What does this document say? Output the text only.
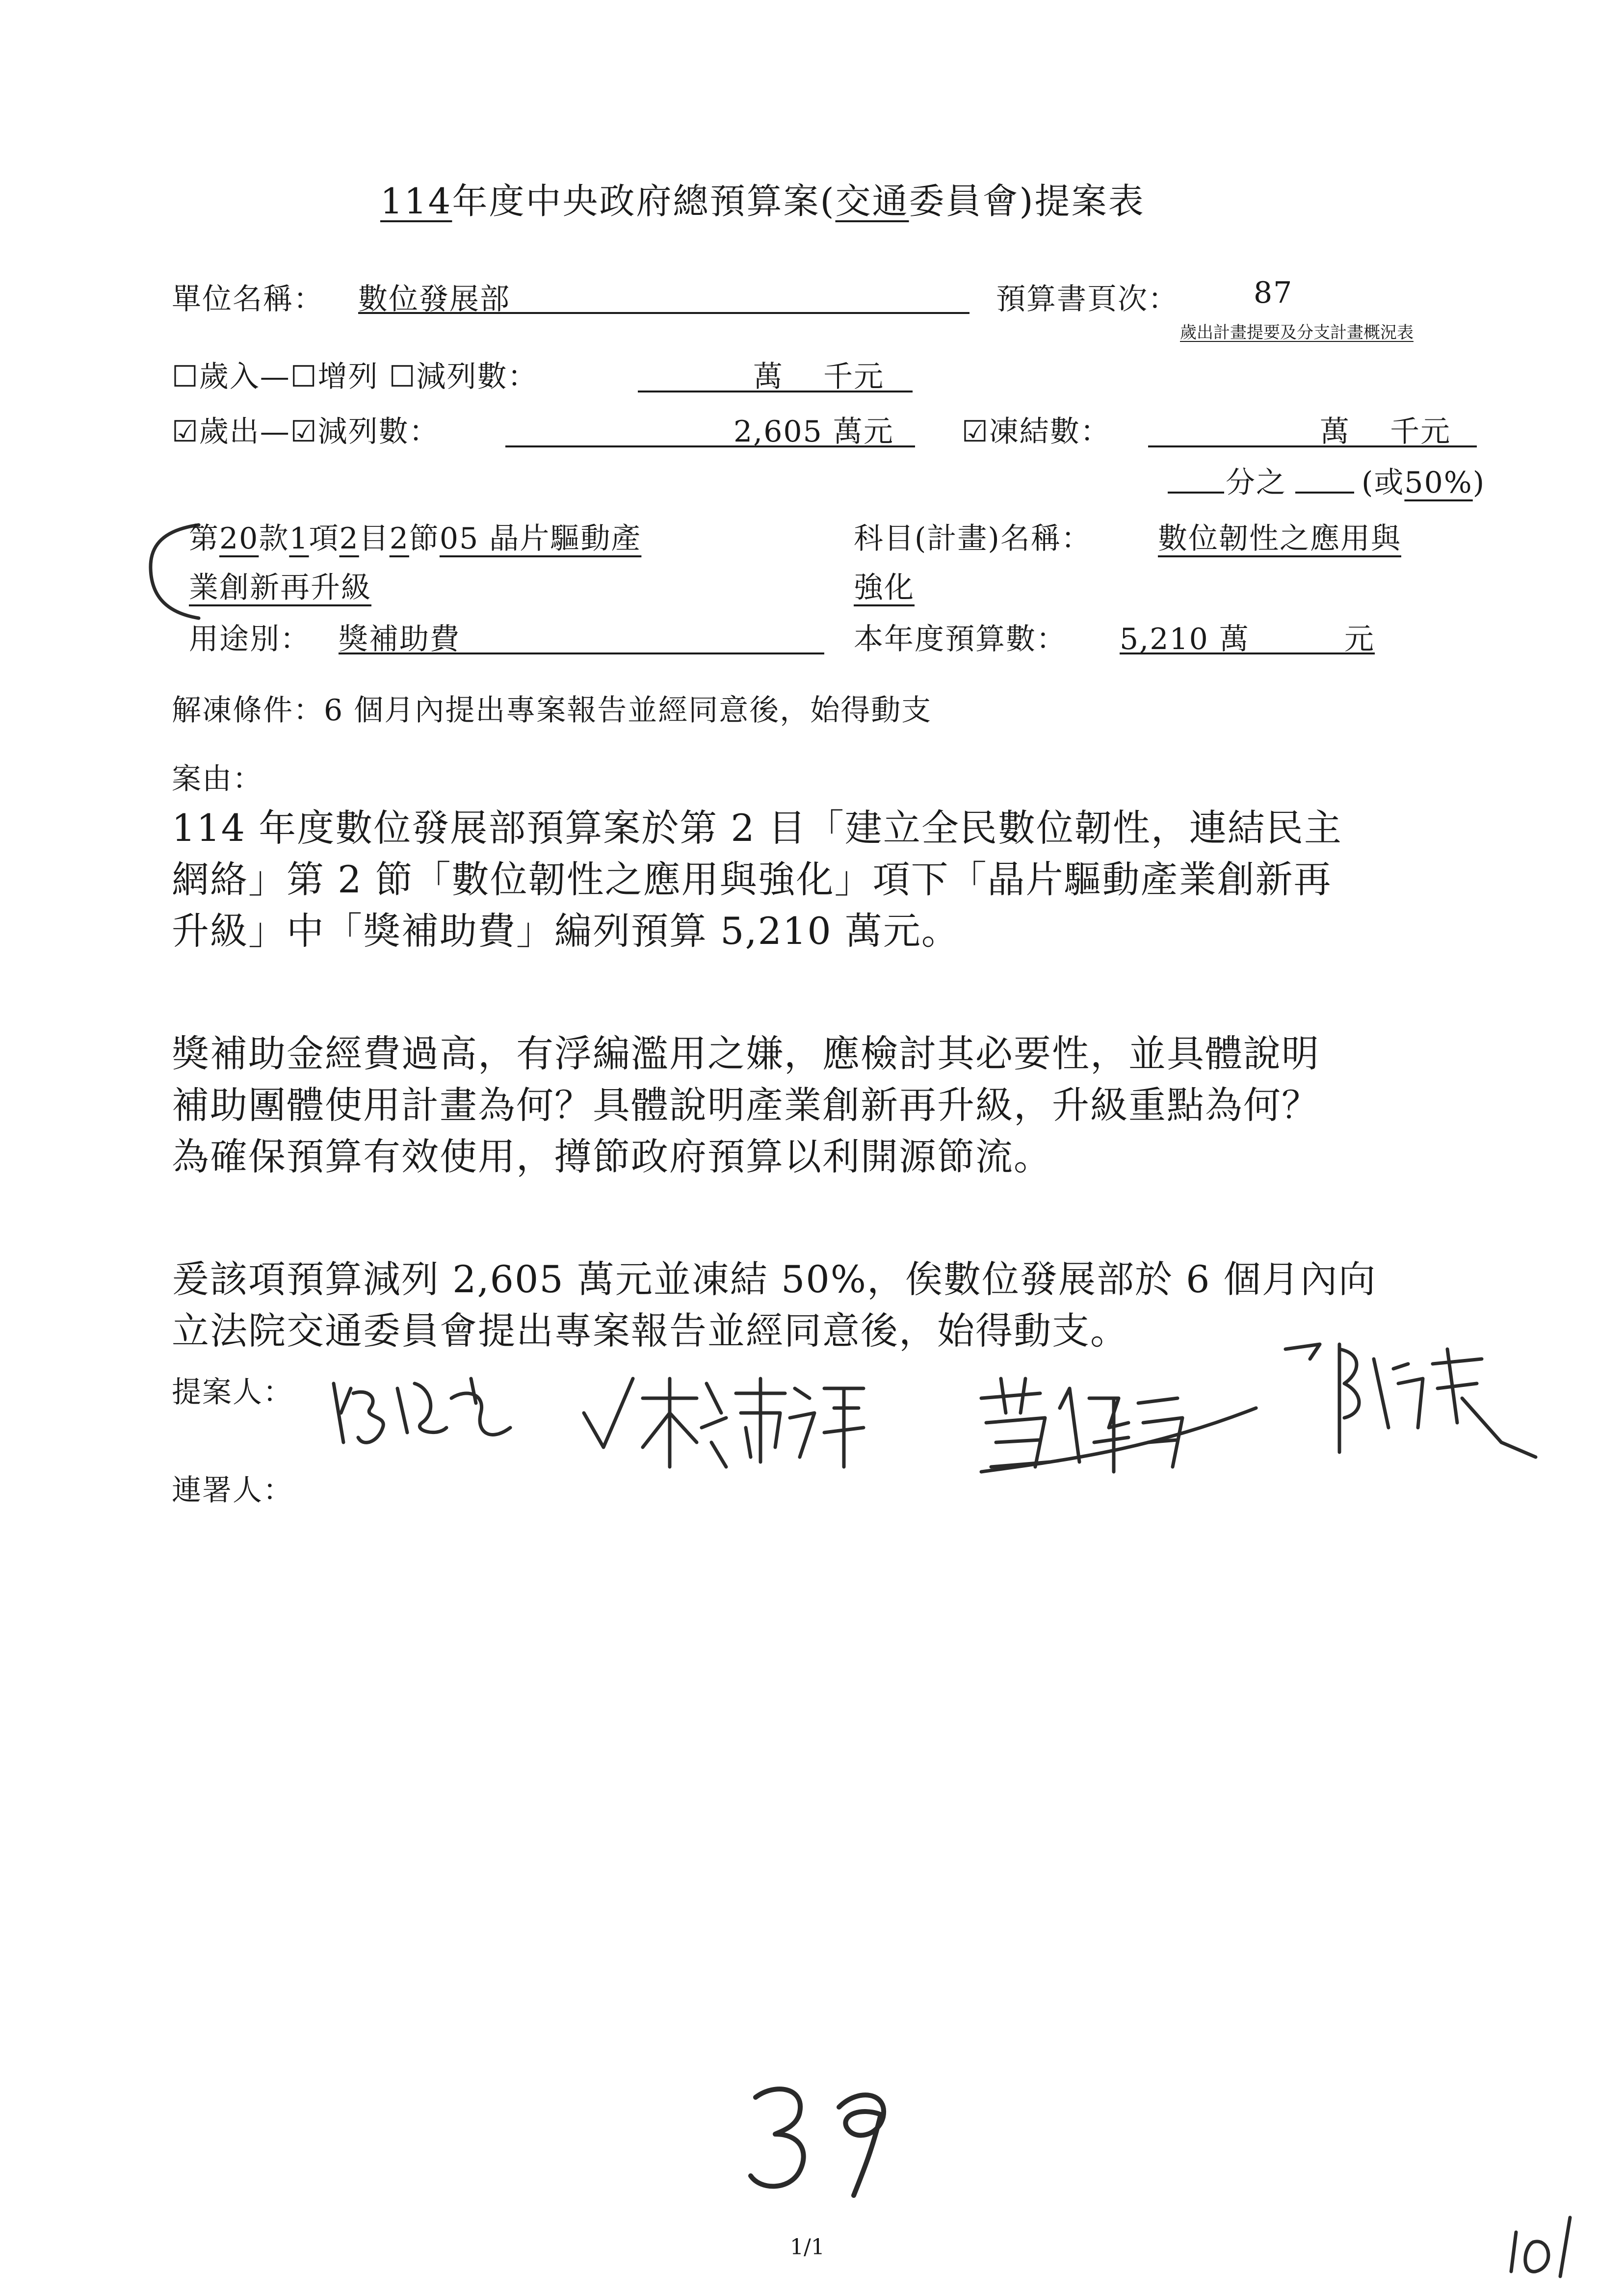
114年度中央政府總預算案(交通委員會)提案表
單位名稱： 數位發展部	預算書頁次：	87
歲出計畫提要及分支計畫概況表
☐歲入—☐增列 ☐減列數：	萬 千元
☑歲出—☑減列數：	2,605 萬元 ☑凍結數：	萬 千元
分之	(或50%)
第20款1項2目2節05 晶片驅動產
業創新再升級
科目(計畫)名稱： 數位韌性之應用與
強化
用途別： 獎補助費	本年度預算數： 5,210 萬	元
解凍條件：6 個月內提出專案報告並經同意後，始得動支
案由：
114 年度數位發展部預算案於第 2 目「建立全民數位韌性，連結民主
網絡」第 2 節「數位韌性之應用與強化」項下「晶片驅動產業創新再
升級」中「獎補助費」編列預算 5,210 萬元。
獎補助金經費過高，有浮編濫用之嫌，應檢討其必要性，並具體說明
補助團體使用計畫為何？具體說明產業創新再升級，升級重點為何？
為確保預算有效使用，撙節政府預算以利開源節流。
爰該項預算減列 2,605 萬元並凍結 50%，俟數位發展部於 6 個月內向
立法院交通委員會提出專案報告並經同意後，始得動支。
提案人：
連署人：
39
1/1
101
